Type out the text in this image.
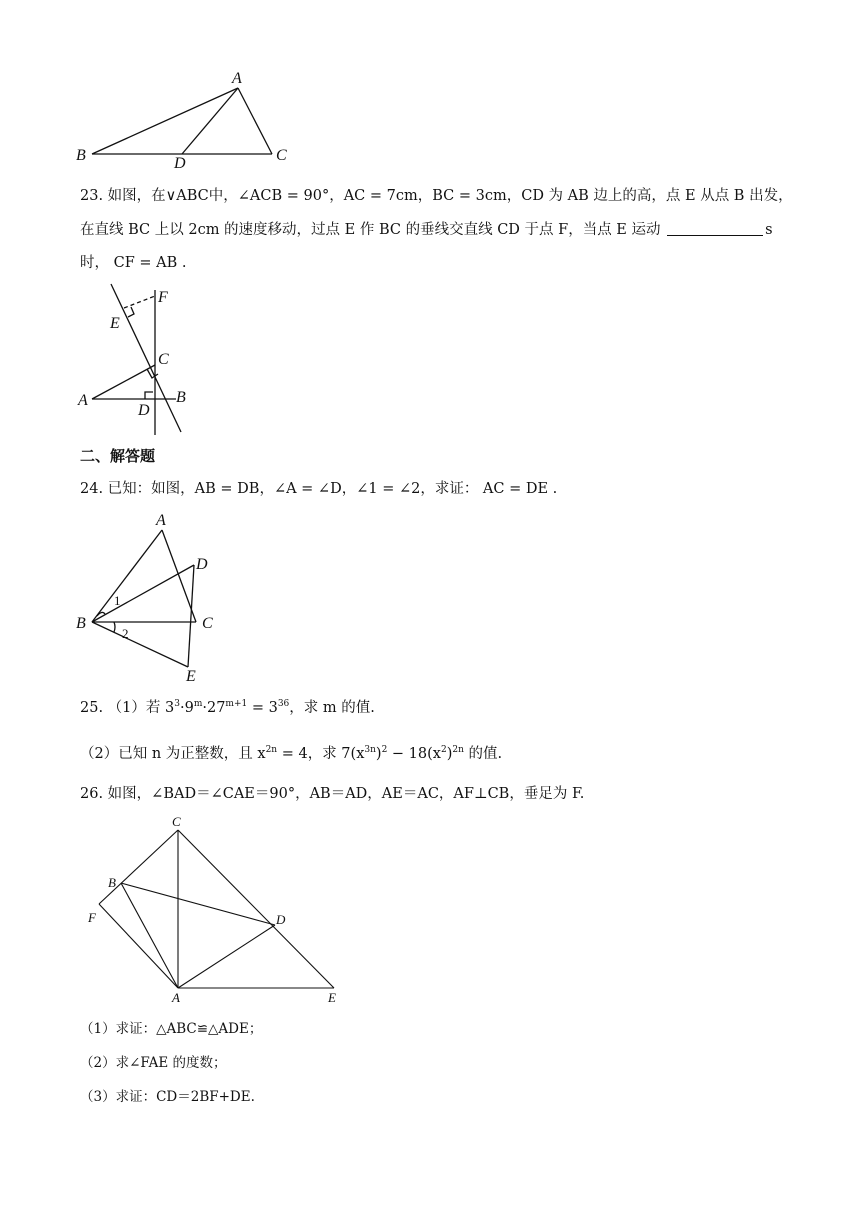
A
B	C
D
23. 如图，在∨ABC中，∠ACB = 90°，AC = 7cm，BC = 3cm，CD 为 AB 边上的高，点 E 从点 B 出发，
在直线 BC 上以 2cm 的速度移动，过点 E 作 BC 的垂线交直线 CD 于点 F，当点 E 运动	s
时， CF = AB .
F
E
C
A	B
D
二、解答题
24. 已知：如图，AB = DB，∠A = ∠D，∠1 = ∠2，求证： AC = DE .
A
D
B	C
E
1
2
25. （1）若 $3^3\cdot 9^m\cdot 27^{m+1} = 3^{36}$，求 m 的值.
（2）已知 n 为正整数，且 $x^{2n} = 4$，求 $7(x^{3n})^2 - 18(x^2)^{2n}$ 的值.
26. 如图，∠BAD＝∠CAE＝90°，AB＝AD，AE＝AC，AF⊥CB，垂足为 F.
C
B
F	D
A	E
（1）求证：△ABC≌△ADE；
（2）求∠FAE 的度数；
（3）求证：CD＝2BF+DE.
